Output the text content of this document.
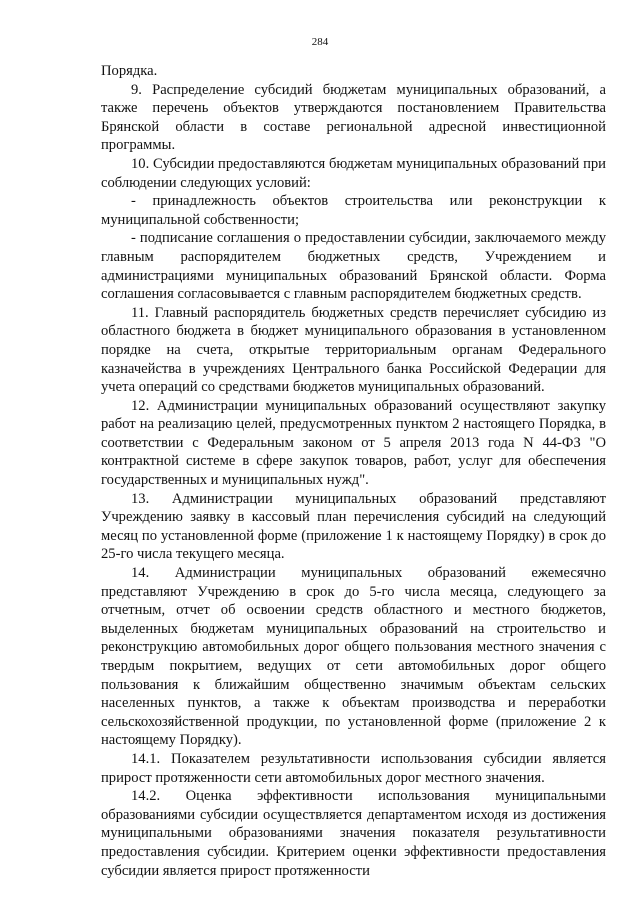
284

Порядка.

9. Распределение субсидий бюджетам муниципальных образований, а также перечень объектов утверждаются постановлением Правительства Брянской области в составе региональной адресной инвестиционной программы.

10. Субсидии предоставляются бюджетам муниципальных образований при соблюдении следующих условий:

- принадлежность объектов строительства или реконструкции к муниципальной собственности;

- подписание соглашения о предоставлении субсидии, заключаемого между главным распорядителем бюджетных средств, Учреждением и администрациями муниципальных образований Брянской области. Форма соглашения согласовывается с главным распорядителем бюджетных средств.

11. Главный распорядитель бюджетных средств перечисляет субсидию из областного бюджета в бюджет муниципального образования в установленном порядке на счета, открытые территориальным органам Федерального казначейства в учреждениях Центрального банка Российской Федерации для учета операций со средствами бюджетов муниципальных образований.

12. Администрации муниципальных образований осуществляют закупку работ на реализацию целей, предусмотренных пунктом 2 настоящего Порядка, в соответствии с Федеральным законом от 5 апреля 2013 года N 44-ФЗ "О контрактной системе в сфере закупок товаров, работ, услуг для обеспечения государственных и муниципальных нужд".

13. Администрации муниципальных образований представляют Учреждению заявку в кассовый план перечисления субсидий на следующий месяц по установленной форме (приложение 1 к настоящему Порядку) в срок до 25-го числа текущего месяца.

14. Администрации муниципальных образований ежемесячно представляют Учреждению в срок до 5-го числа месяца, следующего за отчетным, отчет об освоении средств областного и местного бюджетов, выделенных бюджетам муниципальных образований на строительство и реконструкцию автомобильных дорог общего пользования местного значения с твердым покрытием, ведущих от сети автомобильных дорог общего пользования к ближайшим общественно значимым объектам сельских населенных пунктов, а также к объектам производства и переработки сельскохозяйственной продукции, по установленной форме (приложение 2 к настоящему Порядку).

14.1. Показателем результативности использования субсидии является прирост протяженности сети автомобильных дорог местного значения.

14.2. Оценка эффективности использования муниципальными образованиями субсидии осуществляется департаментом исходя из достижения муниципальными образованиями значения показателя результативности предоставления субсидии. Критерием оценки эффективности предоставления субсидии является прирост протяженности
